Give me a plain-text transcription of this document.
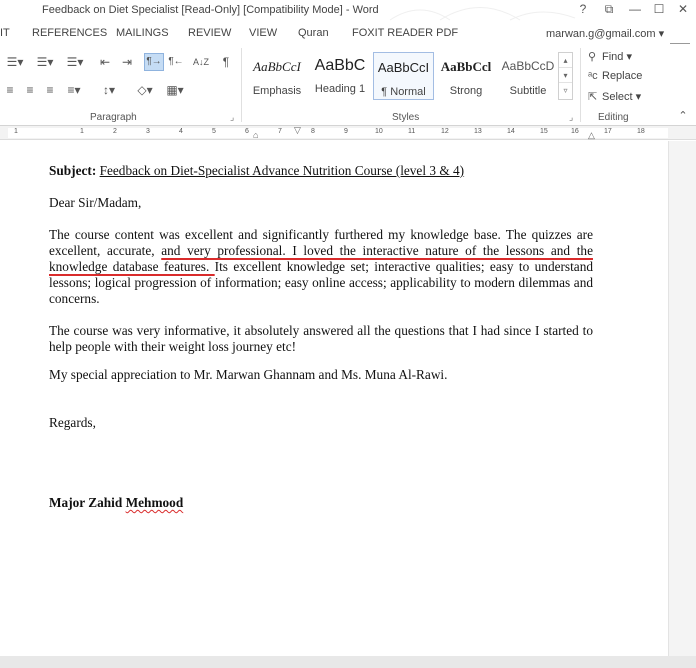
Feedback on Diet Specialist [Read-Only] [Compatibility Mode] - Word	?	⧉	—	☐	✕
IT REFERENCES MAILINGS REVIEW VIEW Quran FOXIT READER PDF	marwan.g@gmail.com ▾
☰▾	☰▾	☰▾	⇤ ⇥	¶→ ¶←	A↓Z	¶
≡	≡	≡	≡▾	↕▾	◇▾	▦▾
Paragraph	⌟
AaBbCcI
Emphasis
AaBbC
Heading 1
AaBbCcI
¶ Normal
AaBbCcl
Strong
AaBbCcD
Subtitle
▴
▾
▿
Styles	⌟
⚲ Find ▾
ᵃc Replace
⇱ Select ▾
Editing	⌃
1	1	2	3	4	5	6	7	8	9	10	11	12	13	14	15	16	17	18
⌂	▽	△

Subject: Feedback on Diet-Specialist Advance Nutrition Course (level 3 & 4)

Dear Sir/Madam,

The course content was excellent and significantly furthered my knowledge base. The quizzes are excellent, accurate, and very professional. I loved the interactive nature of the lessons and the knowledge database features. Its excellent knowledge set; interactive qualities; easy to understand lessons; logical progression of information; easy online access; applicability to modern dilemmas and concerns.

The course was very informative, it absolutely answered all the questions that I had since I started to help people with their weight loss journey etc!

My special appreciation to Mr. Marwan Ghannam and Ms. Muna Al-Rawi.

Regards,

Major Zahid Mehmood
